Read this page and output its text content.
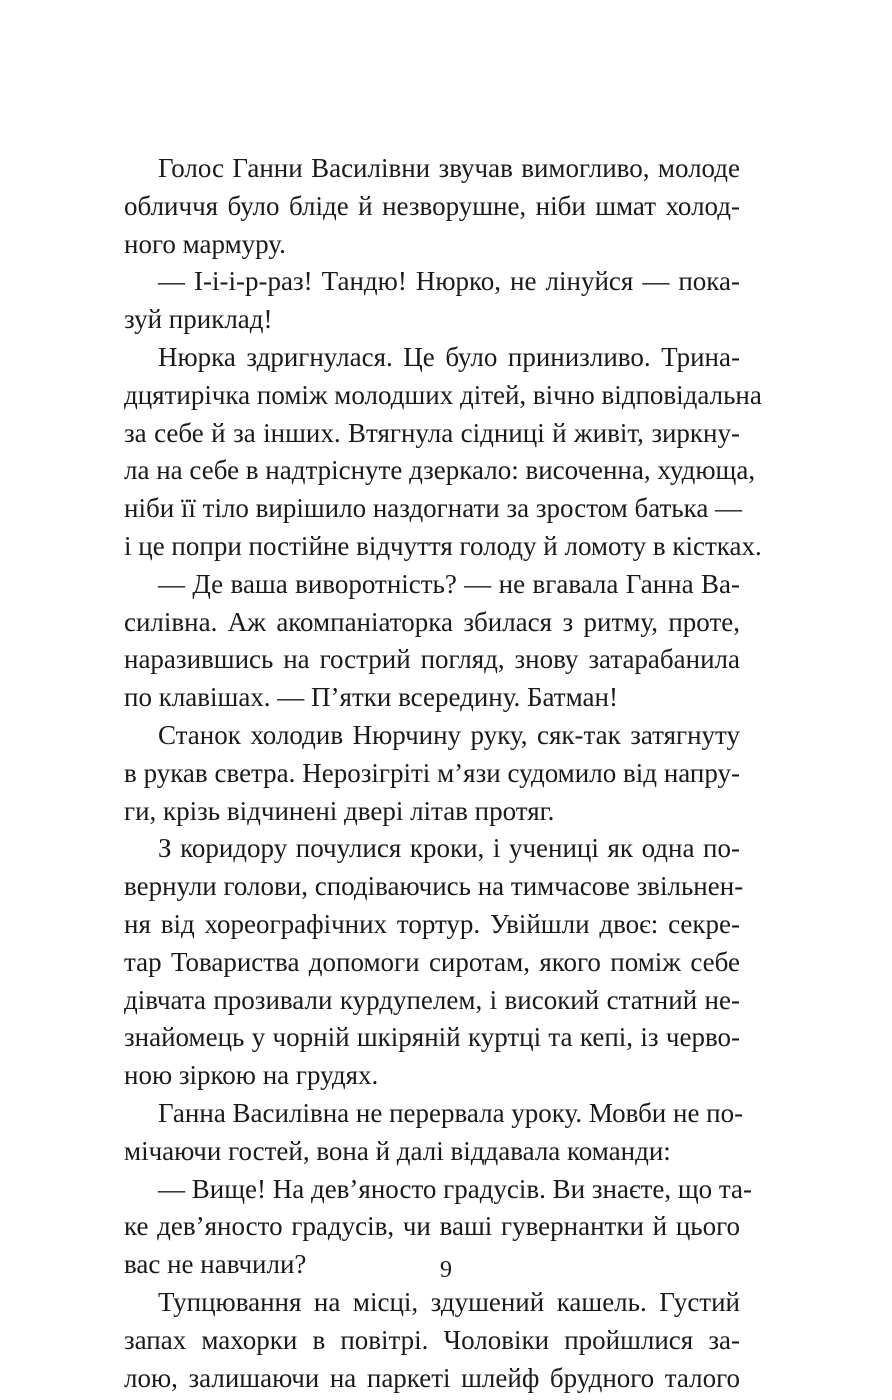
Голос Ганни Василівни звучав вимогливо, молоде
обличчя було бліде й незворушне, ніби шмат холод-
ного мармуру.
— І-і-і-р-раз! Тандю! Нюрко, не лінуйся — пока-
зуй приклад!
Нюрка здригнулася. Це було принизливо. Трина-
дцятирічка поміж молодших дітей, вічно відповідальна
за себе й за інших. Втягнула сідниці й живіт, зиркну-
ла на себе в надтріснуте дзеркало: височенна, худюща,
ніби її тіло вирішило наздогнати за зростом батька —
і це попри постійне відчуття голоду й ломоту в кістках.
— Де ваша виворотність? — не вгавала Ганна Ва-
силівна. Аж акомпаніаторка збилася з ритму, проте,
наразившись на гострий погляд, знову затарабанила
по клавішах. — П’ятки всередину. Батман!
Станок холодив Нюрчину руку, сяк-так затягнуту
в рукав светра. Нерозігріті м’язи судомило від напру-
ги, крізь відчинені двері літав протяг.
З коридору почулися кроки, і учениці як одна по-
вернули голови, сподіваючись на тимчасове звільнен-
ня від хореографічних тортур. Увійшли двоє: секре-
тар Товариства допомоги сиротам, якого поміж себе
дівчата прозивали курдупелем, і високий статний не-
знайомець у чорній шкіряній куртці та кепі, із черво-
ною зіркою на грудях.
Ганна Василівна не перервала уроку. Мовби не по-
мічаючи гостей, вона й далі віддавала команди:
— Вище! На дев’яносто градусів. Ви знаєте, що та-
ке дев’яносто градусів, чи ваші гувернантки й цього
вас не навчили?
Тупцювання на місці, здушений кашель. Густий
запах махорки в повітрі. Чоловіки пройшлися за-
лою, залишаючи на паркеті шлейф брудного талого
9
